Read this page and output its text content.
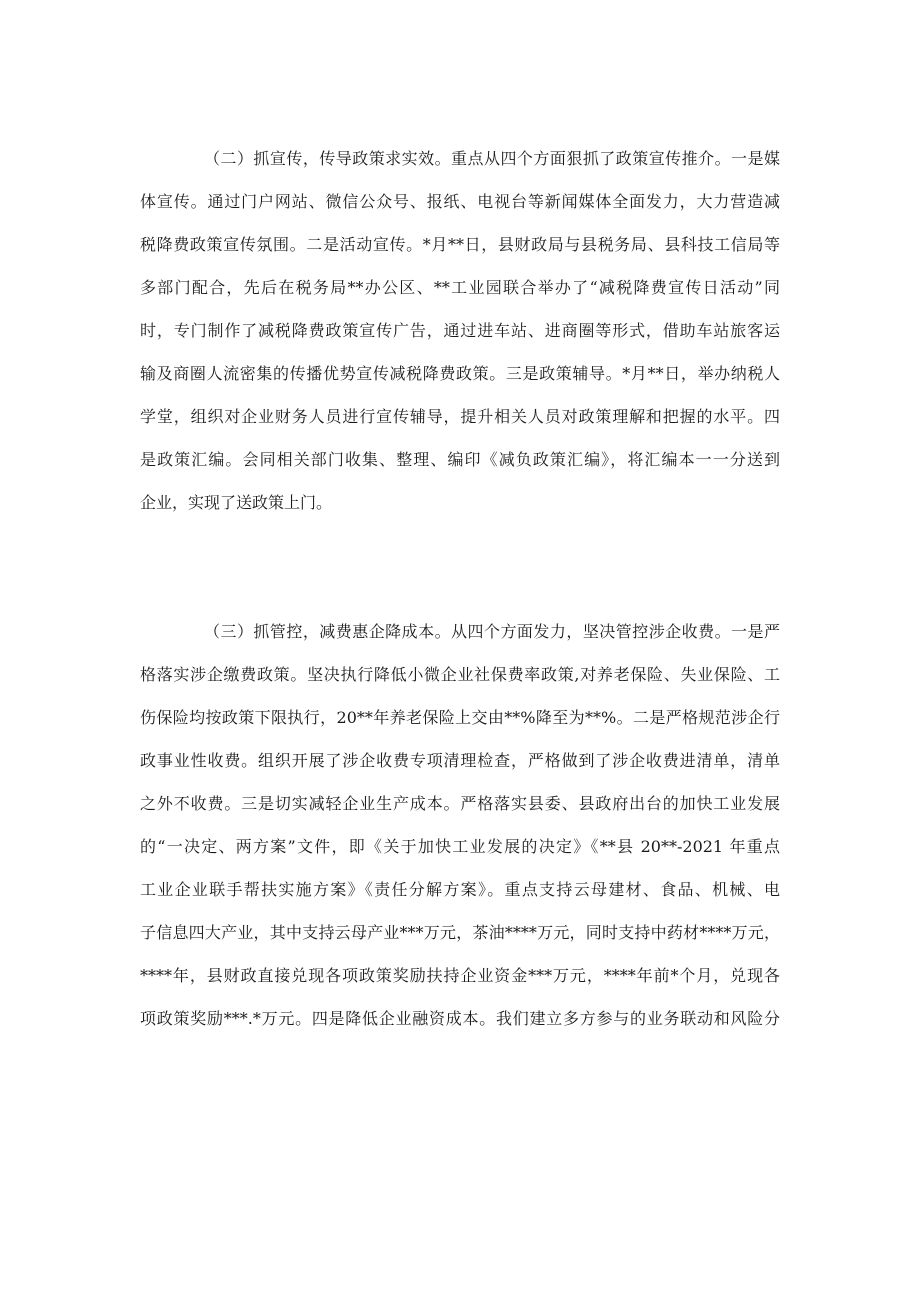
（二）抓宣传，传导政策求实效。重点从四个方面狠抓了政策宣传推介。一是媒
体宣传。通过门户网站、微信公众号、报纸、电视台等新闻媒体全面发力，大力营造减
税降费政策宣传氛围。二是活动宣传。*月**日，县财政局与县税务局、县科技工信局等
多部门配合，先后在税务局**办公区、**工业园联合举办了“减税降费宣传日活动”同
时，专门制作了减税降费政策宣传广告，通过进车站、进商圈等形式，借助车站旅客运
输及商圈人流密集的传播优势宣传减税降费政策。三是政策辅导。*月**日，举办纳税人
学堂，组织对企业财务人员进行宣传辅导，提升相关人员对政策理解和把握的水平。四
是政策汇编。会同相关部门收集、整理、编印《减负政策汇编》，将汇编本一一分送到
企业，实现了送政策上门。
（三）抓管控，减费惠企降成本。从四个方面发力，坚决管控涉企收费。一是严
格落实涉企缴费政策。坚决执行降低小微企业社保费率政策,对养老保险、失业保险、工
伤保险均按政策下限执行，20**年养老保险上交由**%降至为**%。二是严格规范涉企行
政事业性收费。组织开展了涉企收费专项清理检查，严格做到了涉企收费进清单，清单
之外不收费。三是切实减轻企业生产成本。严格落实县委、县政府出台的加快工业发展
的“一决定、两方案”文件，即《关于加快工业发展的决定》《**县 20**-2021 年重点
工业企业联手帮扶实施方案》《责任分解方案》。重点支持云母建材、食品、机械、电
子信息四大产业，其中支持云母产业***万元，茶油****万元，同时支持中药材****万元，
****年，县财政直接兑现各项政策奖励扶持企业资金***万元，****年前*个月，兑现各
项政策奖励***.*万元。四是降低企业融资成本。我们建立多方参与的业务联动和风险分
